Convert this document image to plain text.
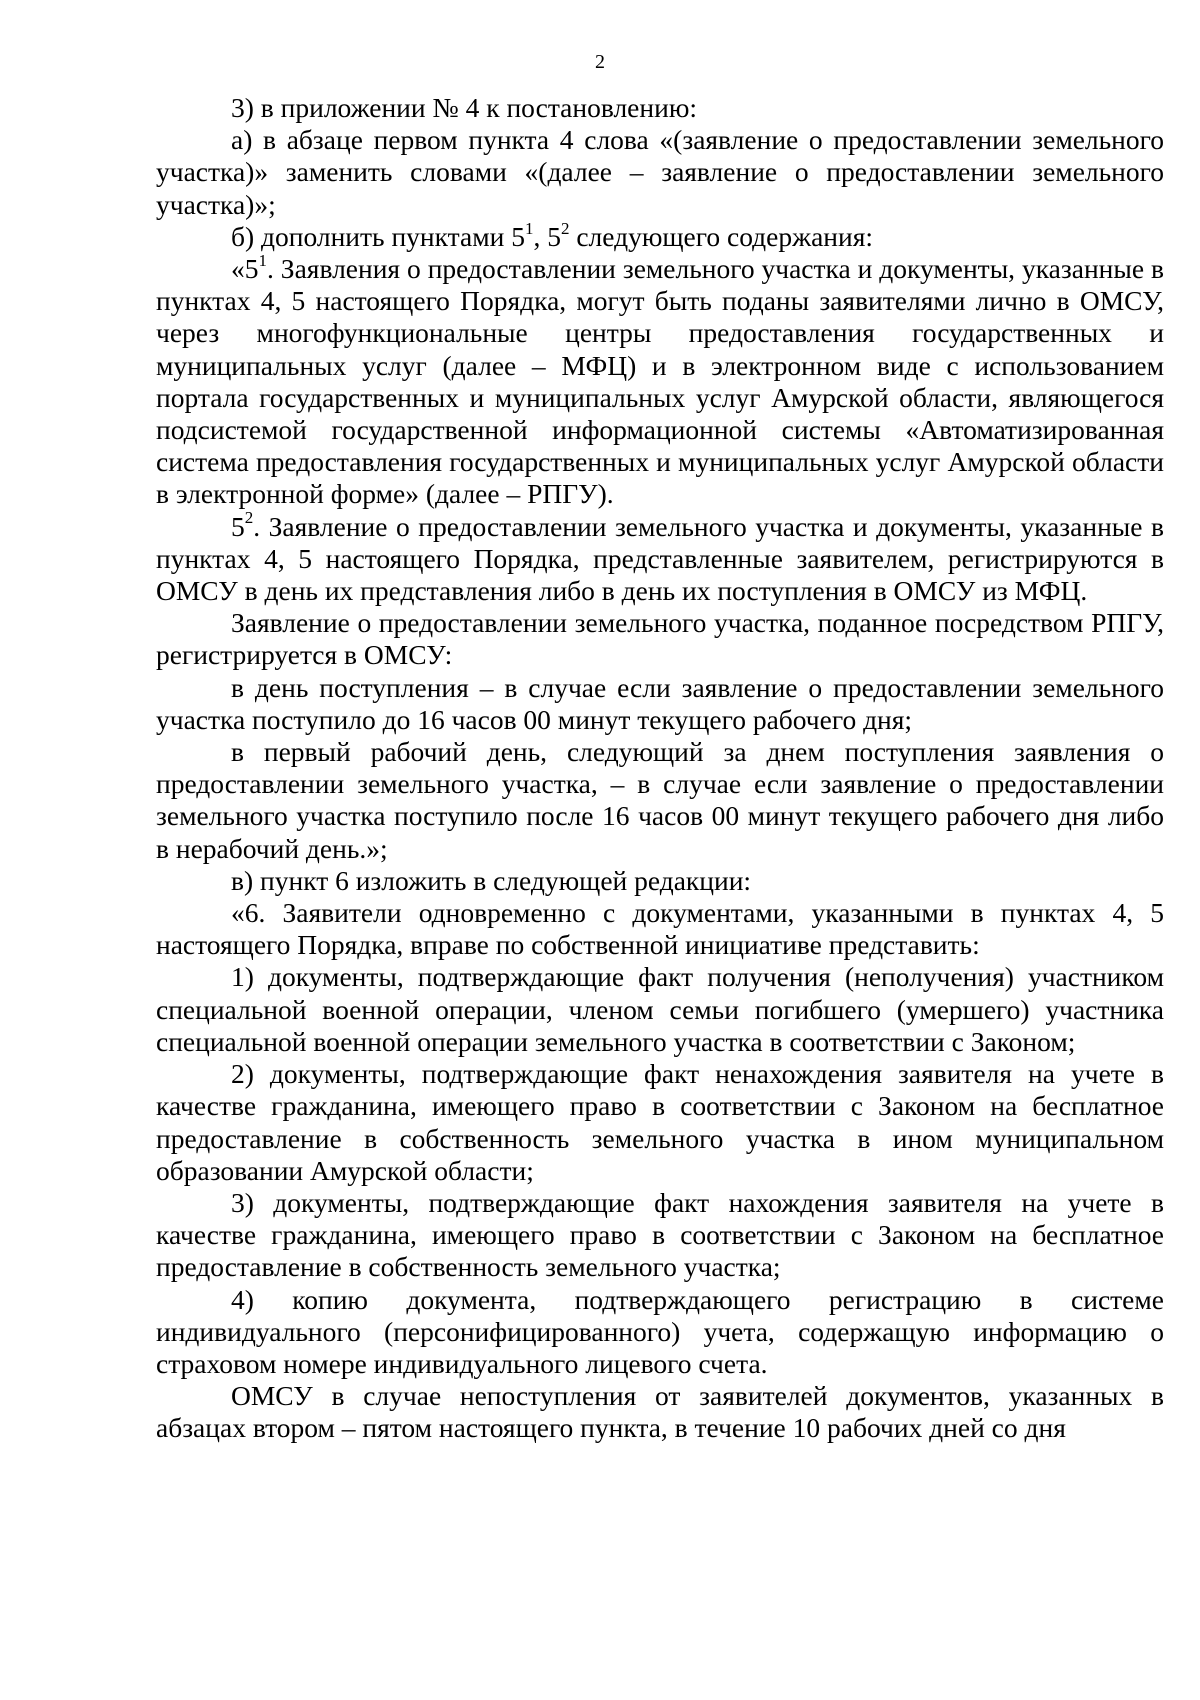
2

3) в приложении № 4 к постановлению:

а) в абзаце первом пункта 4 слова «(заявление о предоставлении земельного участка)» заменить словами «(далее – заявление о предоставлении земельного участка)»;

б) дополнить пунктами $5^1$, $5^2$ следующего содержания:

«$5^1$. Заявления о предоставлении земельного участка и документы, указанные в пунктах 4, 5 настоящего Порядка, могут быть поданы заявителями лично в ОМСУ, через многофункциональные центры предоставления государственных и муниципальных услуг (далее – МФЦ) и в электронном виде с использованием портала государственных и муниципальных услуг Амурской области, являющегося подсистемой государственной информационной системы «Автоматизированная система предоставления государственных и муниципальных услуг Амурской области в электронной форме» (далее – РПГУ).

$5^2$. Заявление о предоставлении земельного участка и документы, указанные в пунктах 4, 5 настоящего Порядка, представленные заявителем, регистрируются в ОМСУ в день их представления либо в день их поступления в ОМСУ из МФЦ.

Заявление о предоставлении земельного участка, поданное посредством РПГУ, регистрируется в ОМСУ:

в день поступления – в случае если заявление о предоставлении земельного участка поступило до 16 часов 00 минут текущего рабочего дня;

в первый рабочий день, следующий за днем поступления заявления о предоставлении земельного участка, – в случае если заявление о предоставлении земельного участка поступило после 16 часов 00 минут текущего рабочего дня либо в нерабочий день.»;

в) пункт 6 изложить в следующей редакции:

«6. Заявители одновременно с документами, указанными в пунктах 4, 5 настоящего Порядка, вправе по собственной инициативе представить:

1) документы, подтверждающие факт получения (неполучения) участником специальной военной операции, членом семьи погибшего (умершего) участника специальной военной операции земельного участка в соответствии с Законом;

2) документы, подтверждающие факт ненахождения заявителя на учете в качестве гражданина, имеющего право в соответствии с Законом на бесплатное предоставление в собственность земельного участка в ином муниципальном образовании Амурской области;

3) документы, подтверждающие факт нахождения заявителя на учете в качестве гражданина, имеющего право в соответствии с Законом на бесплатное предоставление в собственность земельного участка;

4) копию документа, подтверждающего регистрацию в системе индивидуального (персонифицированного) учета, содержащую информацию о страховом номере индивидуального лицевого счета.

ОМСУ в случае непоступления от заявителей документов, указанных в абзацах втором – пятом настоящего пункта, в течение 10 рабочих дней со дня
